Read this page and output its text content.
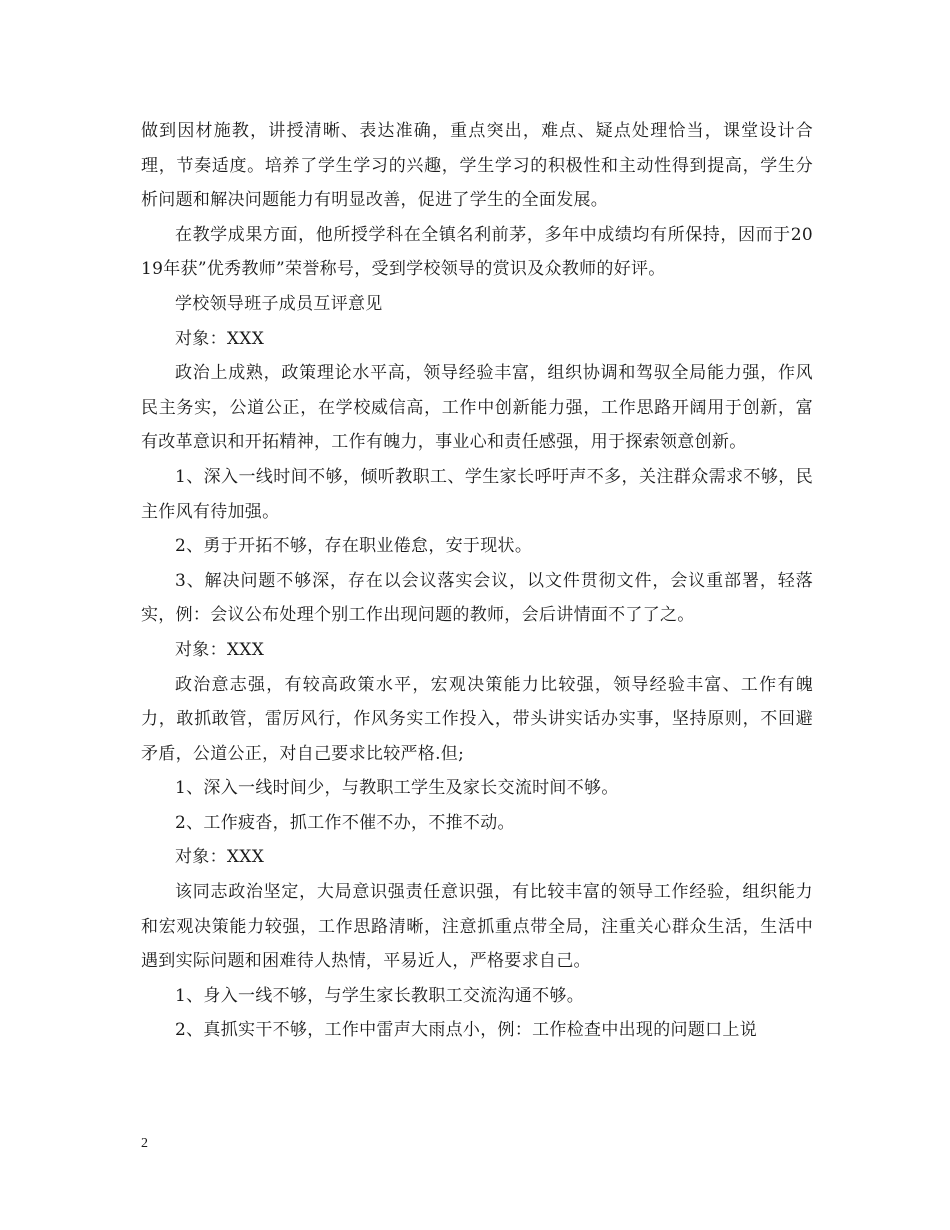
做到因材施教，讲授清晰、表达准确，重点突出，难点、疑点处理恰当，课堂设计合理，节奏适度。培养了学生学习的兴趣，学生学习的积极性和主动性得到提高，学生分析问题和解决问题能力有明显改善，促进了学生的全面发展。

在教学成果方面，他所授学科在全镇名利前茅，多年中成绩均有所保持，因而于2019年获”优秀教师”荣誉称号，受到学校领导的赏识及众教师的好评。

学校领导班子成员互评意见

对象：XXX

政治上成熟，政策理论水平高，领导经验丰富，组织协调和驾驭全局能力强，作风民主务实，公道公正，在学校威信高，工作中创新能力强，工作思路开阔用于创新，富有改革意识和开拓精神，工作有魄力，事业心和责任感强，用于探索领意创新。

1、深入一线时间不够，倾听教职工、学生家长呼吁声不多，关注群众需求不够，民主作风有待加强。

2、勇于开拓不够，存在职业倦怠，安于现状。

3、解决问题不够深，存在以会议落实会议，以文件贯彻文件，会议重部署，轻落实，例：会议公布处理个别工作出现问题的教师，会后讲情面不了了之。

对象：XXX

政治意志强，有较高政策水平，宏观决策能力比较强，领导经验丰富、工作有魄力，敢抓敢管，雷厉风行，作风务实工作投入，带头讲实话办实事，坚持原则，不回避矛盾，公道公正，对自己要求比较严格.但;

1、深入一线时间少，与教职工学生及家长交流时间不够。

2、工作疲沓，抓工作不催不办，不推不动。

对象：XXX

该同志政治坚定，大局意识强责任意识强，有比较丰富的领导工作经验，组织能力和宏观决策能力较强，工作思路清晰，注意抓重点带全局，注重关心群众生活，生活中遇到实际问题和困难待人热情，平易近人，严格要求自己。

1、身入一线不够，与学生家长教职工交流沟通不够。

2、真抓实干不够，工作中雷声大雨点小，例：工作检查中出现的问题口上说

2
